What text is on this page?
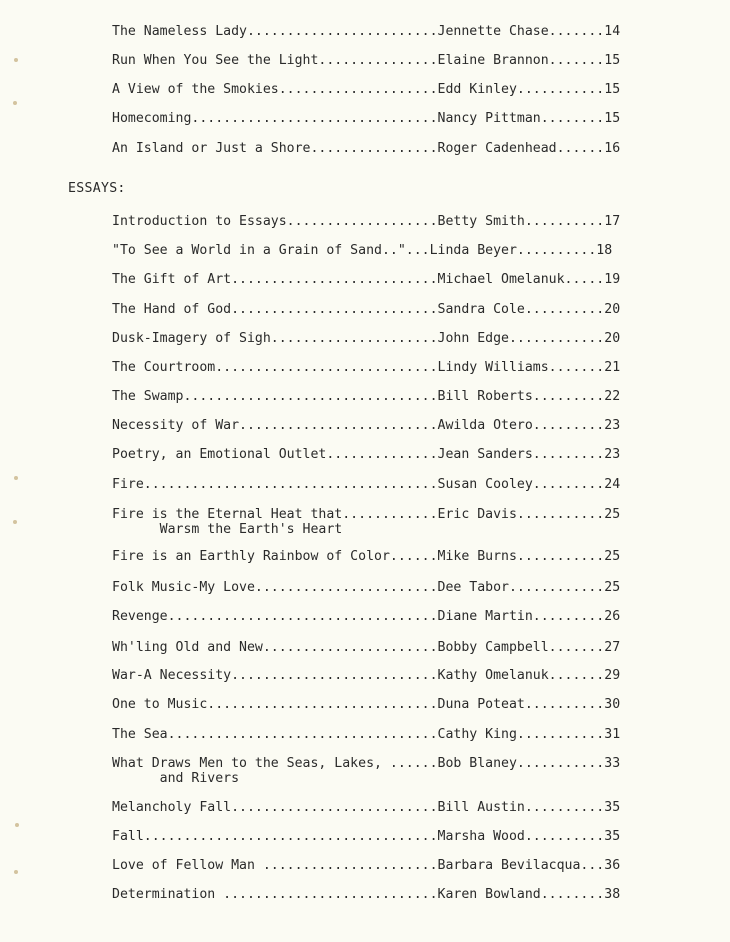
The Nameless Lady........................Jennette Chase.......14
Run When You See the Light...............Elaine Brannon.......15
A View of the Smokies....................Edd Kinley...........15
Homecoming...............................Nancy Pittman........15
An Island or Just a Shore................Roger Cadenhead......16
ESSAYS:
Introduction to Essays...................Betty Smith..........17
"To See a World in a Grain of Sand.."...Linda Beyer..........18
The Gift of Art..........................Michael Omelanuk.....19
The Hand of God..........................Sandra Cole..........20
Dusk-Imagery of Sigh.....................John Edge............20
The Courtroom............................Lindy Williams.......21
The Swamp................................Bill Roberts.........22
Necessity of War.........................Awilda Otero.........23
Poetry, an Emotional Outlet..............Jean Sanders.........23
Fire.....................................Susan Cooley.........24
Fire is the Eternal Heat that............Eric Davis...........25
Warsm the Earth's Heart
Fire is an Earthly Rainbow of Color......Mike Burns...........25
Folk Music-My Love.......................Dee Tabor............25
Revenge..................................Diane Martin.........26
Wh'ling Old and New......................Bobby Campbell.......27
War-A Necessity..........................Kathy Omelanuk.......29
One to Music.............................Duna Poteat..........30
The Sea..................................Cathy King...........31
What Draws Men to the Seas, Lakes, ......Bob Blaney...........33
and Rivers
Melancholy Fall..........................Bill Austin..........35
Fall.....................................Marsha Wood..........35
Love of Fellow Man ......................Barbara Bevilacqua...36
Determination ...........................Karen Bowland........38
